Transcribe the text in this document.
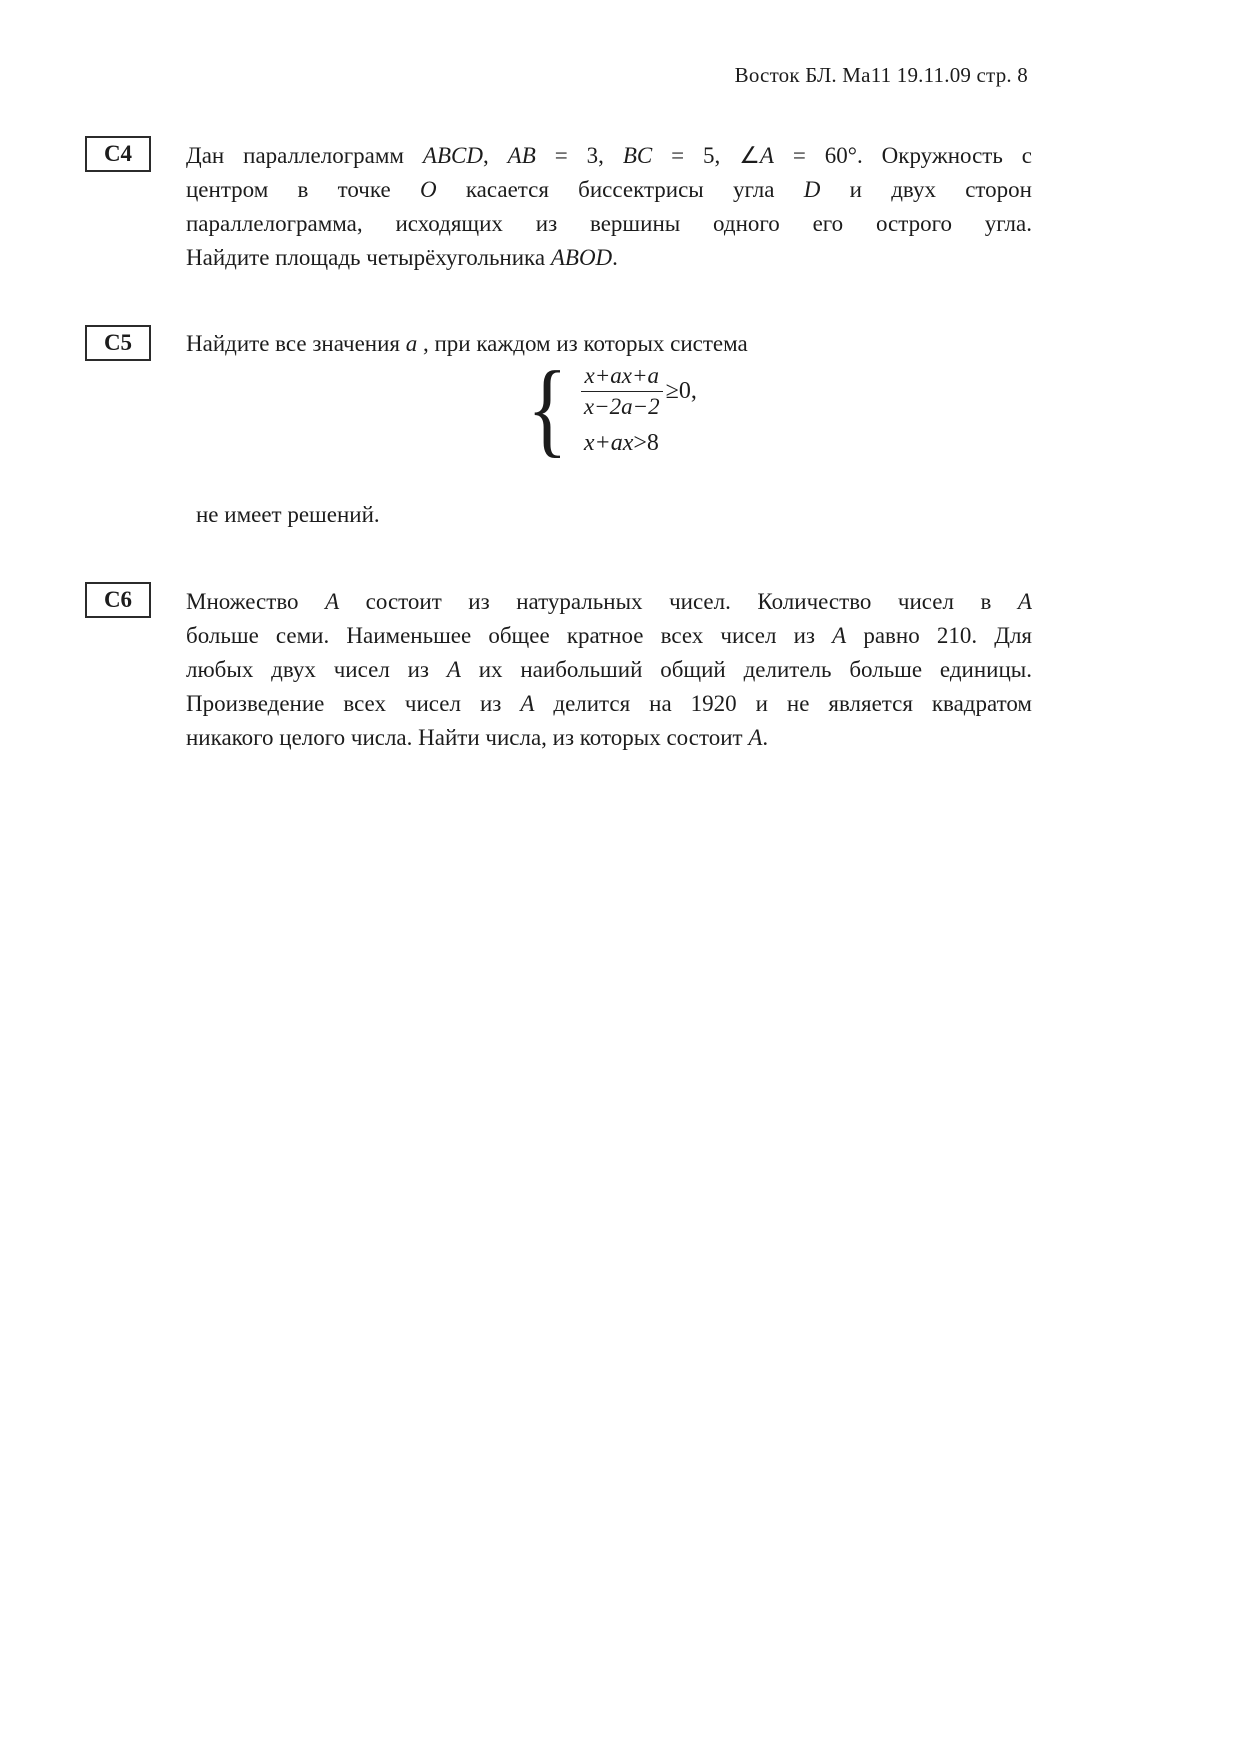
Восток БЛ. Ма11 19.11.09 стр. 8
С4	Дан параллелограмм ABCD, AB = 3, BC = 5, ∠A = 60°. Окружность с
центром в точке O касается биссектрисы угла D и двух сторон
параллелограмма, исходящих из вершины одного его острого угла.
Найдите площадь четырёхугольника ABOD.
С5	Найдите все значения a , при каждом из которых система
{ $\frac{x+ax+a}{x-2a-2} \ge 0$,
x+ax >8
не имеет решений.
С6	Множество A состоит из натуральных чисел. Количество чисел в A
больше семи. Наименьшее общее кратное всех чисел из A равно 210. Для
любых двух чисел из A их наибольший общий делитель больше единицы.
Произведение всех чисел из A делится на 1920 и не является квадратом
никакого целого числа. Найти числа, из которых состоит A.
